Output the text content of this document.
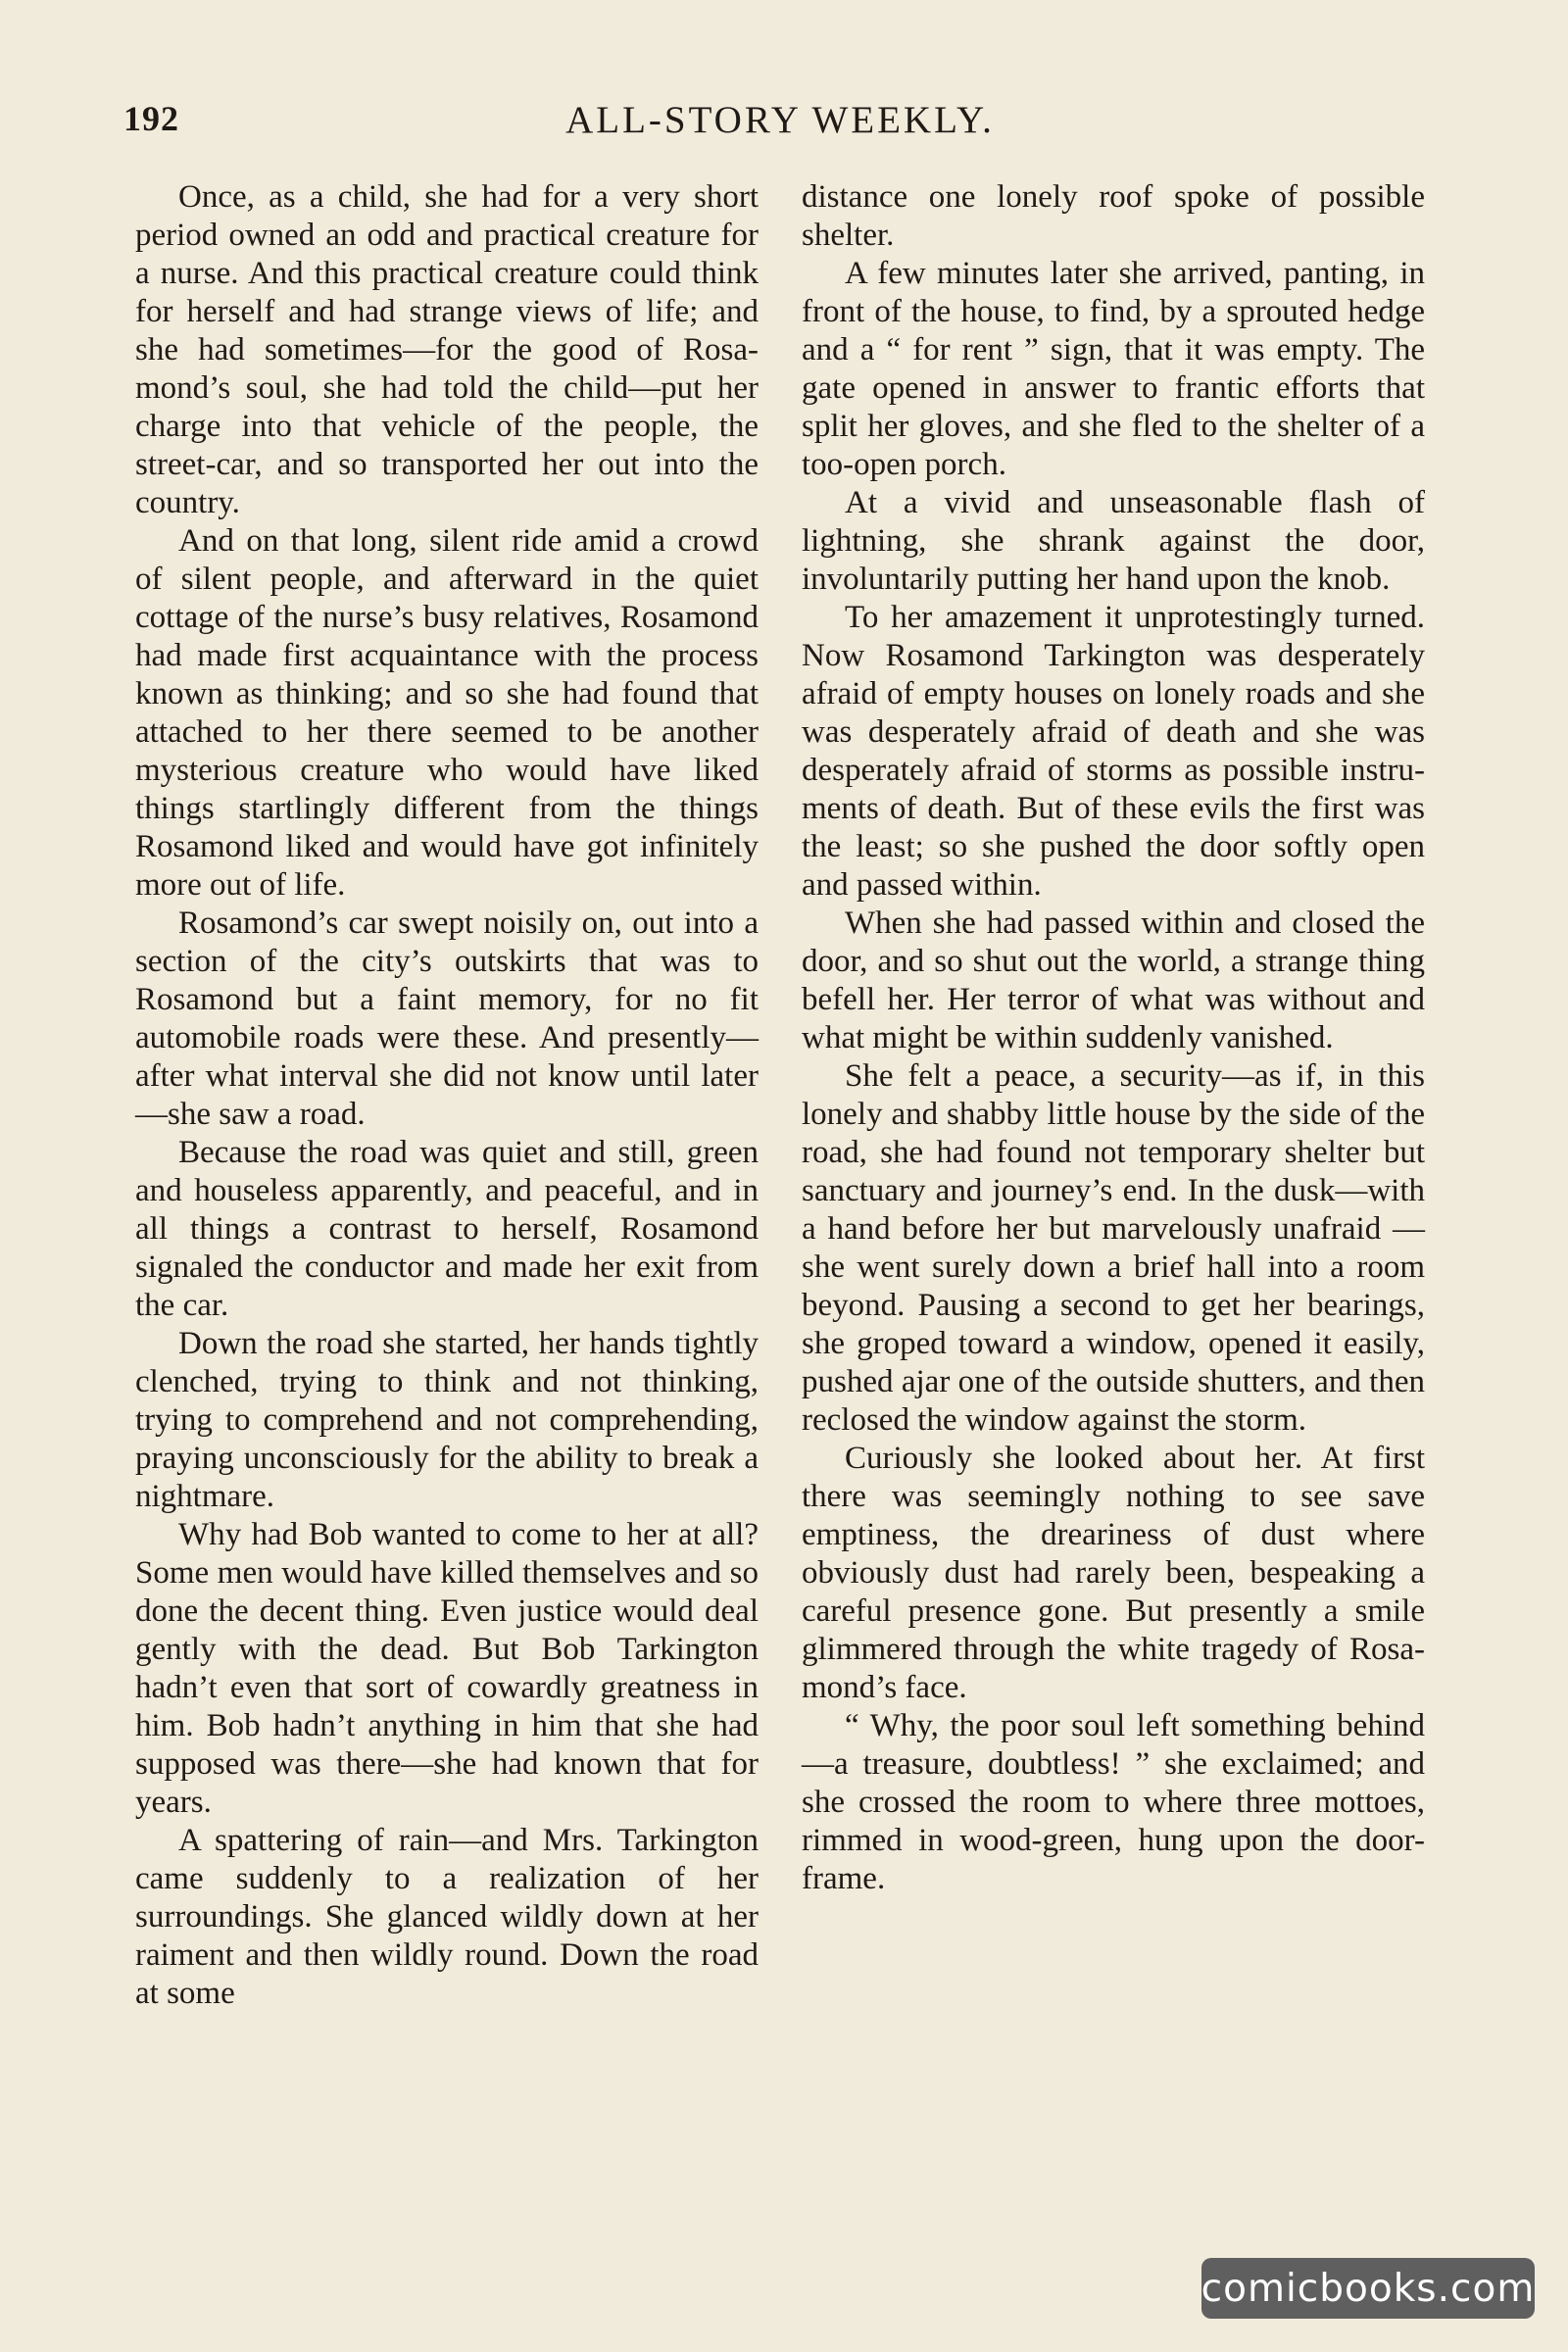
192	ALL-STORY WEEKLY.

Once, as a child, she had for a very short period owned an odd and practical creature for a nurse. And this practical creature could think for herself and had strange views of life; and she had sometimes—for the good of Rosamond’s soul, she had told the child—put her charge into that vehicle of the people, the street-car, and so transported her out into the country.

And on that long, silent ride amid a crowd of silent people, and afterward in the quiet cottage of the nurse’s busy relatives, Rosamond had made first acquaintance with the process known as thinking; and so she had found that attached to her there seemed to be another mysterious creature who would have liked things startlingly different from the things Rosamond liked and would have got infinitely more out of life.

Rosamond’s car swept noisily on, out into a section of the city’s outskirts that was to Rosamond but a faint memory, for no fit automobile roads were these. And presently—after what interval she did not know until later—she saw a road.

Because the road was quiet and still, green and houseless apparently, and peaceful, and in all things a contrast to herself, Rosamond signaled the conductor and made her exit from the car.

Down the road she started, her hands tightly clenched, trying to think and not thinking, trying to comprehend and not comprehending, praying unconsciously for the ability to break a nightmare.

Why had Bob wanted to come to her at all? Some men would have killed themselves and so done the decent thing. Even justice would deal gently with the dead. But Bob Tarkington hadn’t even that sort of cowardly greatness in him. Bob hadn’t anything in him that she had supposed was there—she had known that for years.

A spattering of rain—and Mrs. Tarkington came suddenly to a realization of her surroundings. She glanced wildly down at her raiment and then wildly round. Down the road at some

distance one lonely roof spoke of possible shelter.

A few minutes later she arrived, panting, in front of the house, to find, by a sprouted hedge and a “ for rent ” sign, that it was empty. The gate opened in answer to frantic efforts that split her gloves, and she fled to the shelter of a too-open porch.

At a vivid and unseasonable flash of lightning, she shrank against the door, involuntarily putting her hand upon the knob.

To her amazement it unprotestingly turned. Now Rosamond Tarkington was desperately afraid of empty houses on lonely roads and she was desperately afraid of death and she was desperately afraid of storms as possible instruments of death. But of these evils the first was the least; so she pushed the door softly open and passed within.

When she had passed within and closed the door, and so shut out the world, a strange thing befell her. Her terror of what was without and what might be within suddenly vanished.

She felt a peace, a security—as if, in this lonely and shabby little house by the side of the road, she had found not temporary shelter but sanctuary and journey’s end. In the dusk—with a hand before her but marvelously unafraid — she went surely down a brief hall into a room beyond. Pausing a second to get her bearings, she groped toward a window, opened it easily, pushed ajar one of the outside shutters, and then reclosed the window against the storm.

Curiously she looked about her. At first there was seemingly nothing to see save emptiness, the dreariness of dust where obviously dust had rarely been, bespeaking a careful presence gone. But presently a smile glimmered through the white tragedy of Rosamond’s face.

“ Why, the poor soul left something behind—a treasure, doubtless! ” she exclaimed; and she crossed the room to where three mottoes, rimmed in wood-green, hung upon the door-frame.

comicbooks.com
